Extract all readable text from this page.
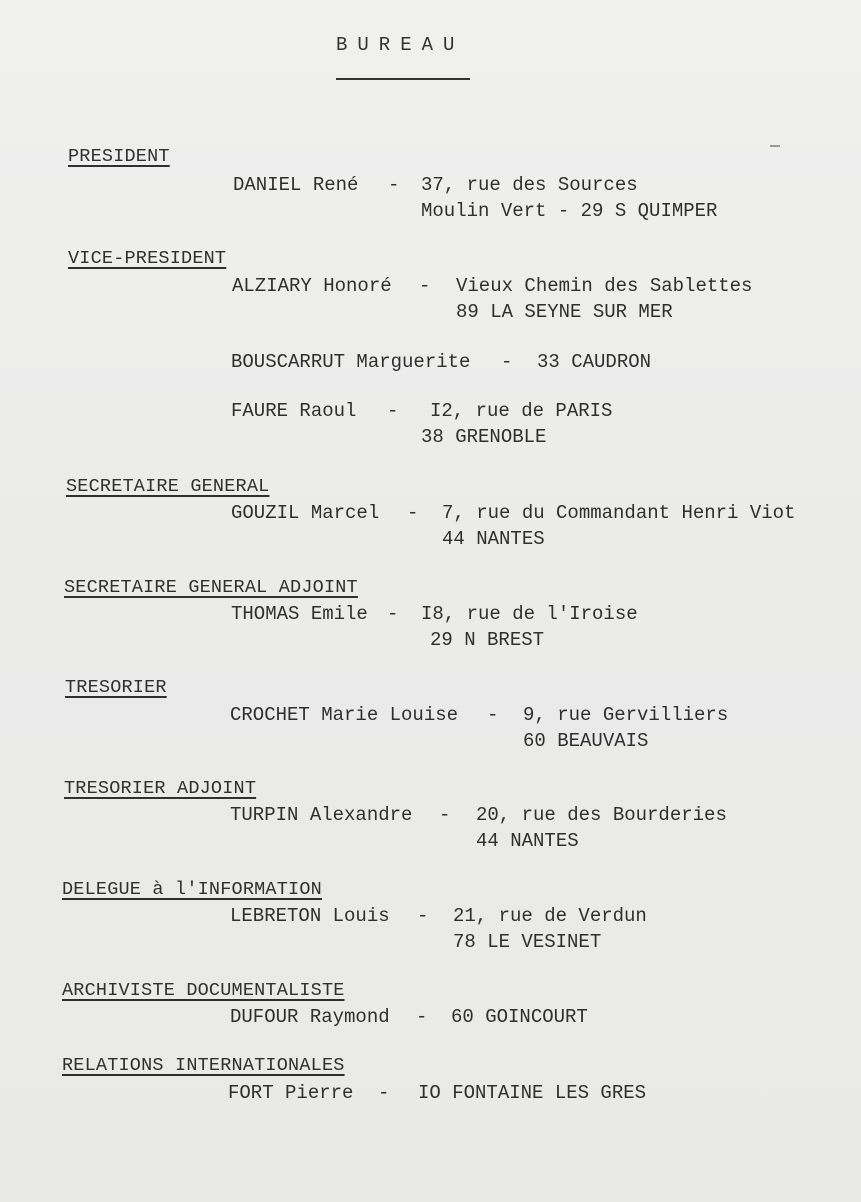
BUREAU
PRESIDENT
DANIEL René - 37, rue des Sources
Moulin Vert - 29 S QUIMPER
VICE-PRESIDENT
ALZIARY Honoré - Vieux Chemin des Sablettes
89 LA SEYNE SUR MER
BOUSCARRUT Marguerite - 33 CAUDRON
FAURE Raoul - I2, rue de PARIS
38 GRENOBLE
SECRETAIRE GENERAL
GOUZIL Marcel - 7, rue du Commandant Henri Viot
44 NANTES
SECRETAIRE GENERAL ADJOINT
THOMAS Emile - I8, rue de l'Iroise
29 N BREST
TRESORIER
CROCHET Marie Louise - 9, rue Gervilliers
60 BEAUVAIS
TRESORIER ADJOINT
TURPIN Alexandre - 20, rue des Bourderies
44 NANTES
DELEGUE à l'INFORMATION
LEBRETON Louis - 21, rue de Verdun
78 LE VESINET
ARCHIVISTE DOCUMENTALISTE
DUFOUR Raymond - 60 GOINCOURT
RELATIONS INTERNATIONALES
FORT Pierre - IO FONTAINE LES GRES
